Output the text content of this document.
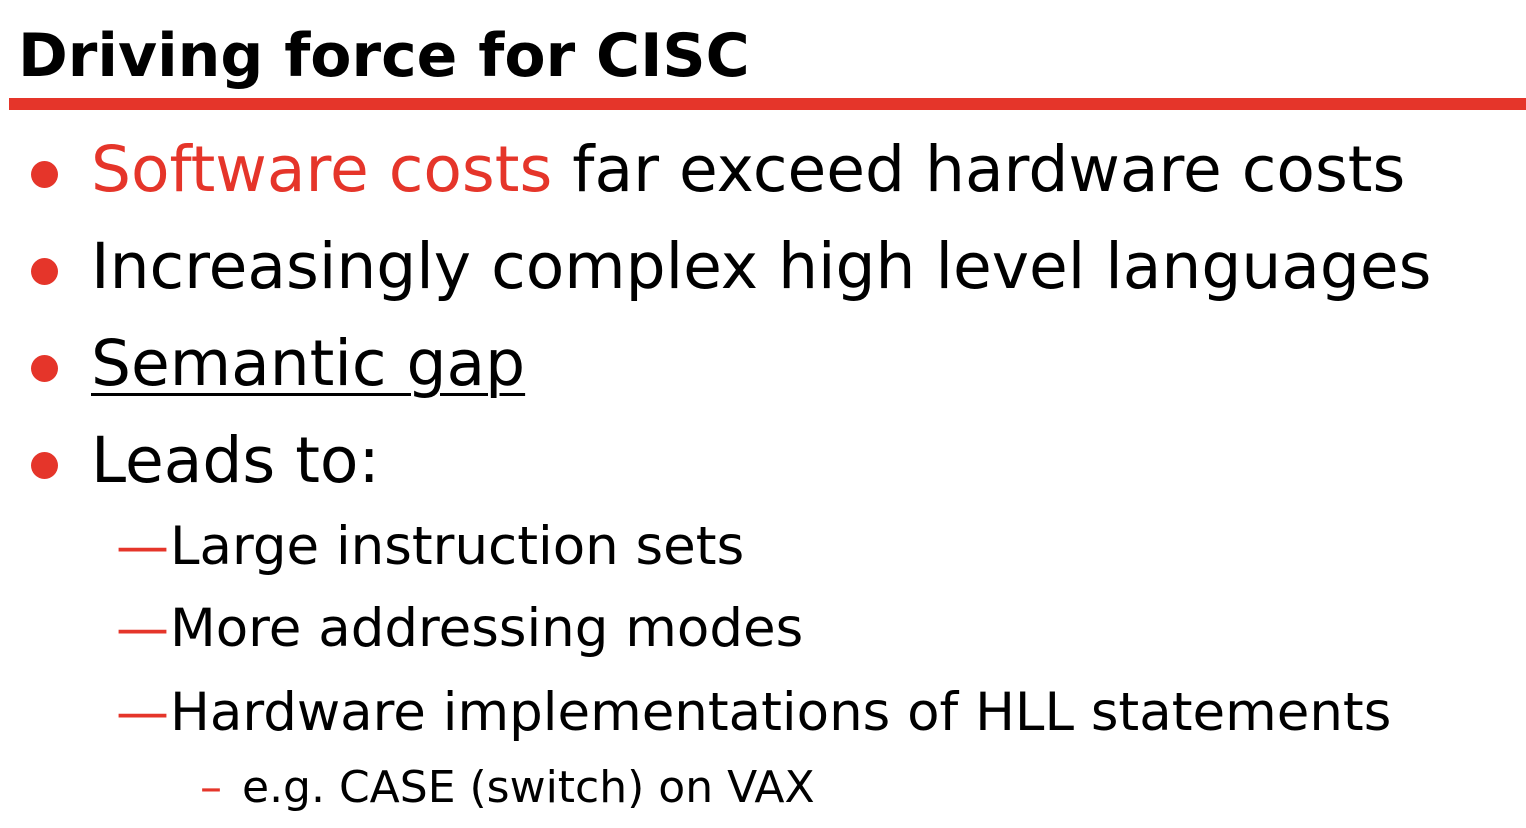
Driving force for CISC
Software costs far exceed hardware costs
Increasingly complex high level languages
Semantic gap
Leads to:
—Large instruction sets
—More addressing modes
—Hardware implementations of HLL statements
– e.g. CASE (switch) on VAX
